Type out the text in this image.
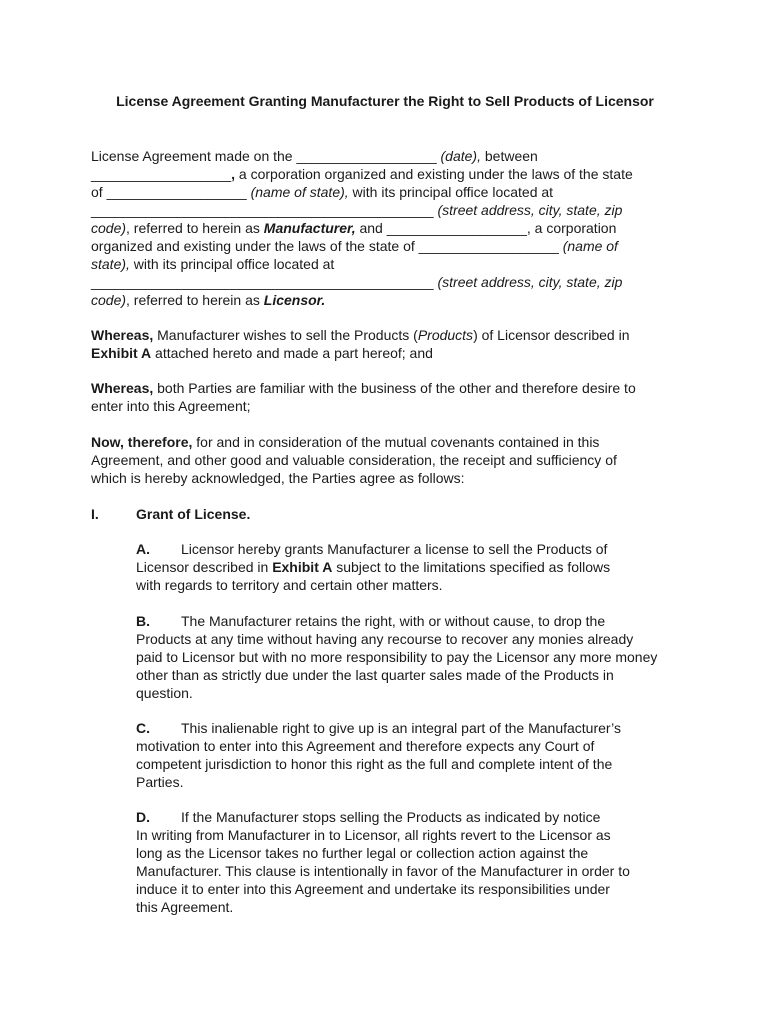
License Agreement Granting Manufacturer the Right to Sell Products of Licensor
License Agreement made on the __________________ (date), between
__________________, a corporation organized and existing under the laws of the state
of __________________ (name of state), with its principal office located at
____________________________________________ (street address, city, state, zip
code), referred to herein as Manufacturer, and __________________, a corporation
organized and existing under the laws of the state of __________________ (name of
state), with its principal office located at
____________________________________________ (street address, city, state, zip
code), referred to herein as Licensor.
Whereas, Manufacturer wishes to sell the Products (Products) of Licensor described in
Exhibit A attached hereto and made a part hereof; and
Whereas, both Parties are familiar with the business of the other and therefore desire to
enter into this Agreement;
Now, therefore, for and in consideration of the mutual covenants contained in this
Agreement, and other good and valuable consideration, the receipt and sufficiency of
which is hereby acknowledged, the Parties agree as follows:
I.	Grant of License.
A. Licensor hereby grants Manufacturer a license to sell the Products of
Licensor described in Exhibit A subject to the limitations specified as follows
with regards to territory and certain other matters.
B. The Manufacturer retains the right, with or without cause, to drop the
Products at any time without having any recourse to recover any monies already
paid to Licensor but with no more responsibility to pay the Licensor any more money
other than as strictly due under the last quarter sales made of the Products in
question.
C. This inalienable right to give up is an integral part of the Manufacturer’s
motivation to enter into this Agreement and therefore expects any Court of
competent jurisdiction to honor this right as the full and complete intent of the
Parties.
D. If the Manufacturer stops selling the Products as indicated by notice
In writing from Manufacturer in to Licensor, all rights revert to the Licensor as
long as the Licensor takes no further legal or collection action against the
Manufacturer. This clause is intentionally in favor of the Manufacturer in order to
induce it to enter into this Agreement and undertake its responsibilities under
this Agreement.
